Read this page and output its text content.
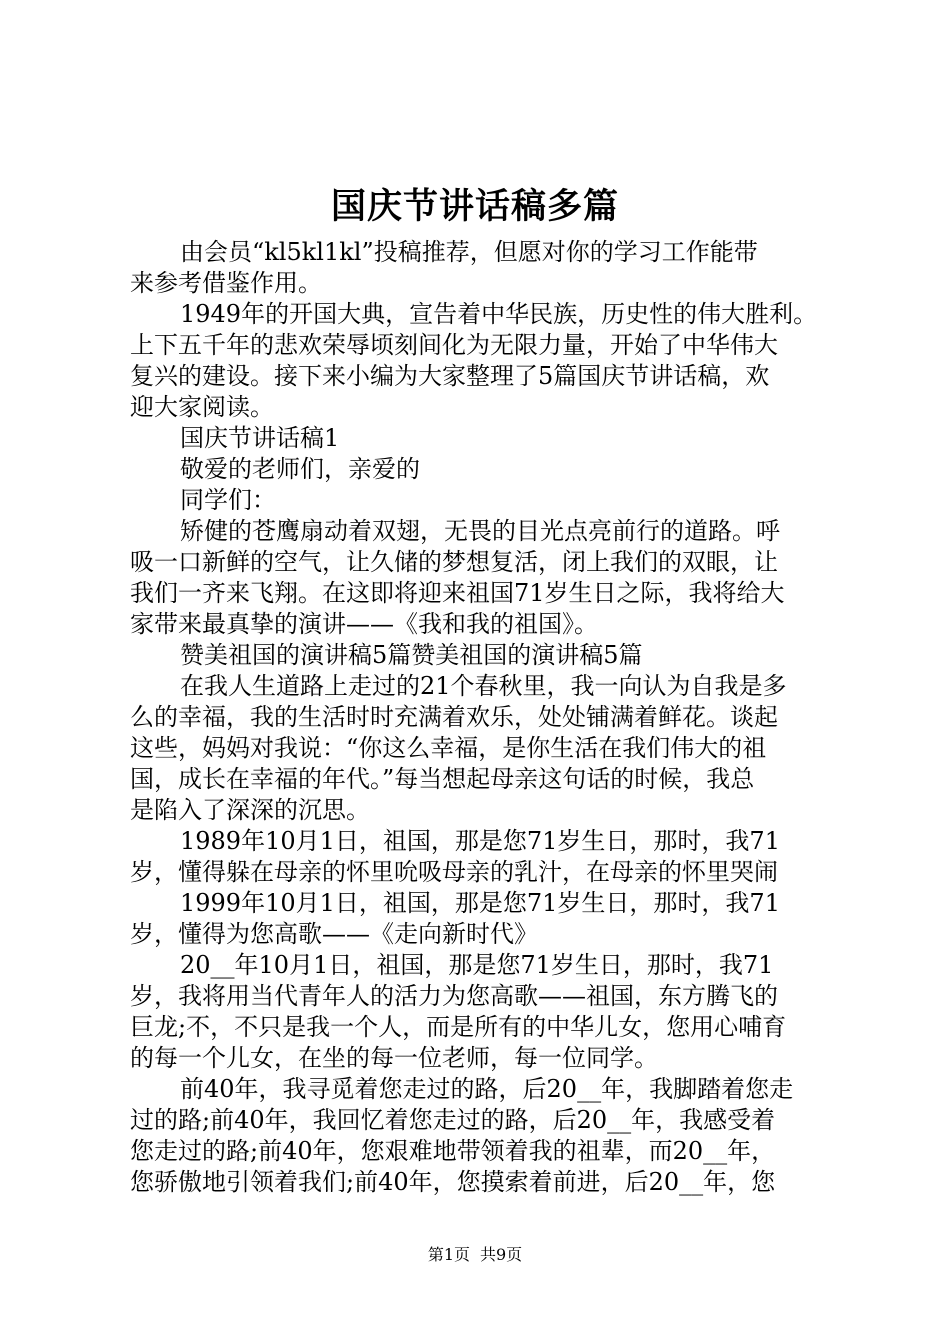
国庆节讲话稿多篇

由会员“kl5kl1kl”投稿推荐，但愿对你的学习工作能带
来参考借鉴作用。

1949年的开国大典，宣告着中华民族，历史性的伟大胜利。
上下五千年的悲欢荣辱顷刻间化为无限力量，开始了中华伟大
复兴的建设。接下来小编为大家整理了5篇国庆节讲话稿，欢
迎大家阅读。

国庆节讲话稿1

敬爱的老师们，亲爱的

同学们：

矫健的苍鹰扇动着双翅，无畏的目光点亮前行的道路。呼
吸一口新鲜的空气，让久储的梦想复活，闭上我们的双眼，让
我们一齐来飞翔。在这即将迎来祖国71岁生日之际，我将给大
家带来最真挚的演讲——《我和我的祖国》。

赞美祖国的演讲稿5篇赞美祖国的演讲稿5篇

在我人生道路上走过的21个春秋里，我一向认为自我是多
么的幸福，我的生活时时充满着欢乐，处处铺满着鲜花。谈起
这些，妈妈对我说：“你这么幸福，是你生活在我们伟大的祖
国，成长在幸福的年代。”每当想起母亲这句话的时候，我总
是陷入了深深的沉思。

1989年10月1日，祖国，那是您71岁生日，那时，我71
岁，懂得躲在母亲的怀里吮吸母亲的乳汁，在母亲的怀里哭闹

1999年10月1日，祖国，那是您71岁生日，那时，我71
岁，懂得为您高歌——《走向新时代》

20__年10月1日，祖国，那是您71岁生日，那时，我71
岁，我将用当代青年人的活力为您高歌——祖国，东方腾飞的
巨龙;不，不只是我一个人，而是所有的中华儿女，您用心哺育
的每一个儿女，在坐的每一位老师，每一位同学。

前40年，我寻觅着您走过的路，后20__年，我脚踏着您走
过的路;前40年，我回忆着您走过的路，后20__年，我感受着
您走过的路;前40年，您艰难地带领着我的祖辈，而20__年，
您骄傲地引领着我们;前40年，您摸索着前进，后20__年，您

第1页 共9页
